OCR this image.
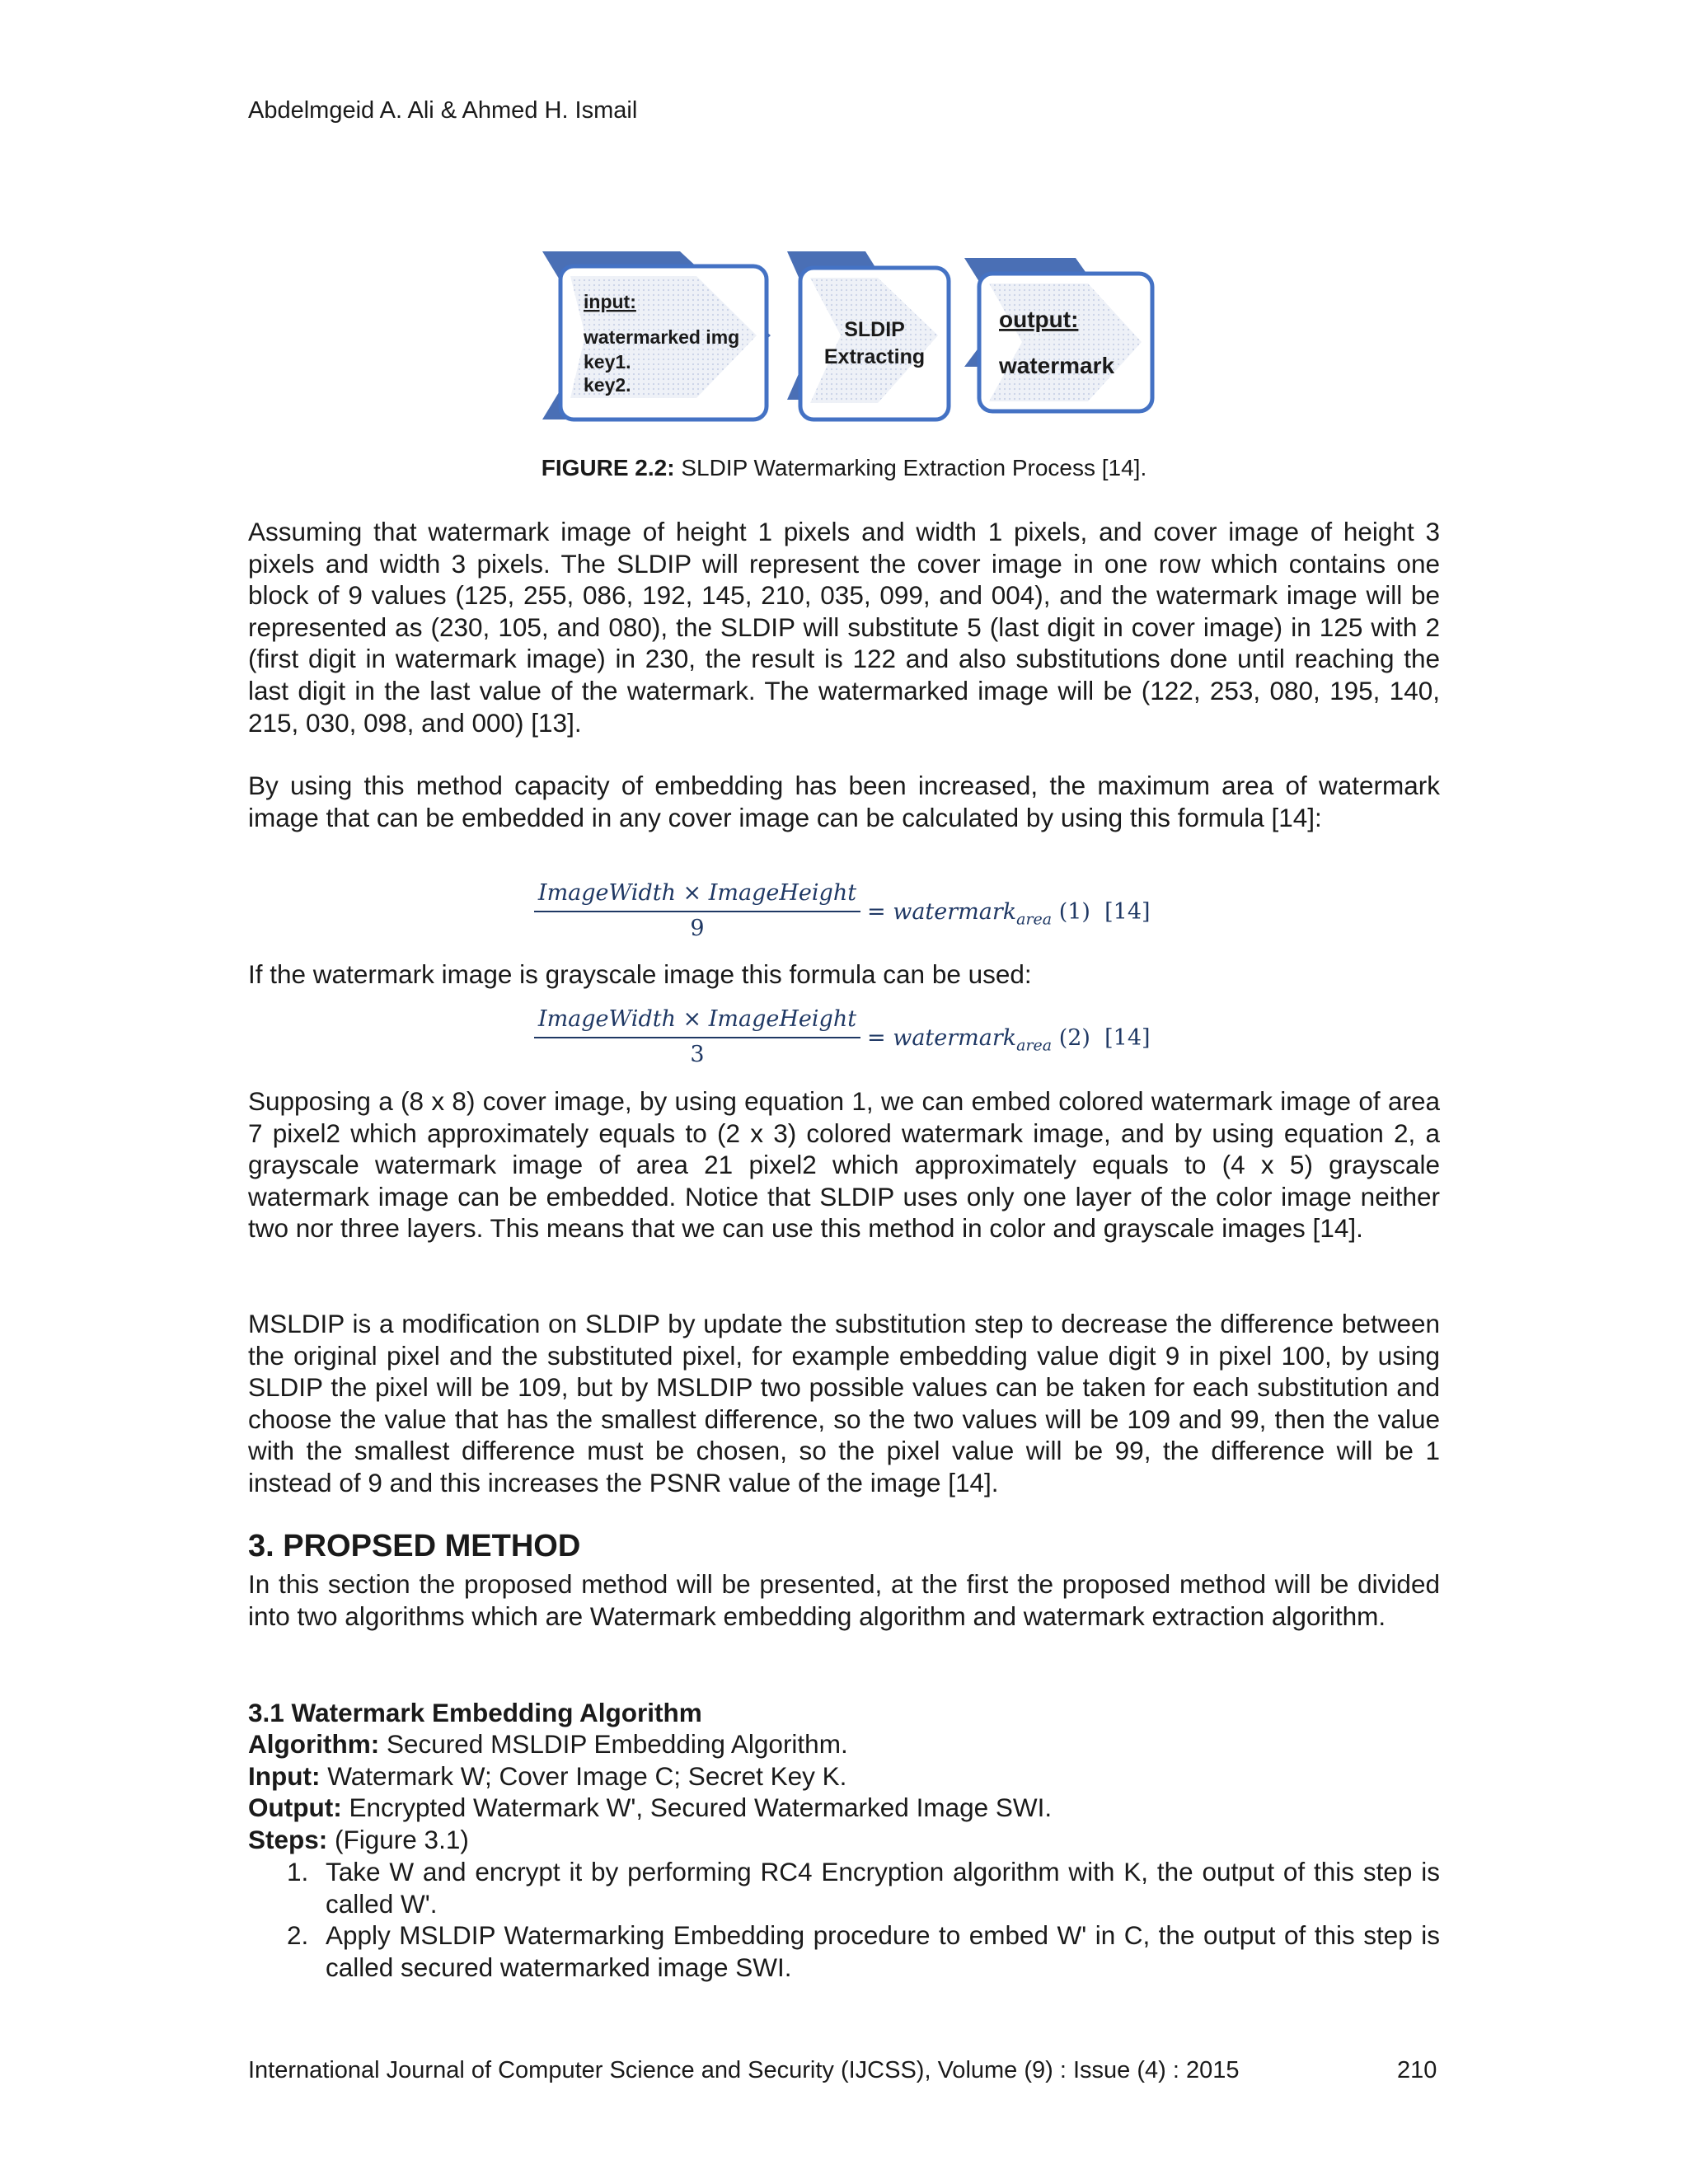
Abdelmgeid A. Ali & Ahmed H. Ismail
input:
watermarked img
key1.
key2.
SLDIP
Extracting
output:
watermark
FIGURE 2.2: SLDIP Watermarking Extraction Process [14].

Assuming that watermark image of height 1 pixels and width 1 pixels, and cover image of height 3 pixels and width 3 pixels. The SLDIP will represent the cover image in one row which contains one block of 9 values (125, 255, 086, 192, 145, 210, 035, 099, and 004), and the watermark image will be represented as (230, 105, and 080), the SLDIP will substitute 5 (last digit in cover image) in 125 with 2 (first digit in watermark image) in 230, the result is 122 and also substitutions done until reaching the last digit in the last value of the watermark. The watermarked image will be (122, 253, 080, 195, 140, 215, 030, 098, and 000) [13].

By using this method capacity of embedding has been increased, the maximum area of watermark image that can be embedded in any cover image can be calculated by using this formula [14]:

ImageWidth × ImageHeight
9
= watermark$_{area}$ (1) [14]

If the watermark image is grayscale image this formula can be used:

ImageWidth × ImageHeight
3
= watermark$_{area}$ (2) [14]

Supposing a (8 x 8) cover image, by using equation 1, we can embed colored watermark image of area 7 pixel2 which approximately equals to (2 x 3) colored watermark image, and by using equation 2, a grayscale watermark image of area 21 pixel2 which approximately equals to (4 x 5) grayscale watermark image can be embedded. Notice that SLDIP uses only one layer of the color image neither two nor three layers. This means that we can use this method in color and grayscale images [14].

MSLDIP is a modification on SLDIP by update the substitution step to decrease the difference between the original pixel and the substituted pixel, for example embedding value digit 9 in pixel 100, by using SLDIP the pixel will be 109, but by MSLDIP two possible values can be taken for each substitution and choose the value that has the smallest difference, so the two values will be 109 and 99, then the value with the smallest difference must be chosen, so the pixel value will be 99, the difference will be 1 instead of 9 and this increases the PSNR value of the image [14].

3. PROPSED METHOD

In this section the proposed method will be presented, at the first the proposed method will be divided into two algorithms which are Watermark embedding algorithm and watermark extraction algorithm.

3.1 Watermark Embedding Algorithm

Algorithm: Secured MSLDIP Embedding Algorithm.

Input: Watermark W; Cover Image C; Secret Key K.

Output: Encrypted Watermark W', Secured Watermarked Image SWI.

Steps: (Figure 3.1)

1. Take W and encrypt it by performing RC4 Encryption algorithm with K, the output of this step is called W'.
2. Apply MSLDIP Watermarking Embedding procedure to embed W' in C, the output of this step is called secured watermarked image SWI.
International Journal of Computer Science and Security (IJCSS), Volume (9) : Issue (4) : 2015	210
